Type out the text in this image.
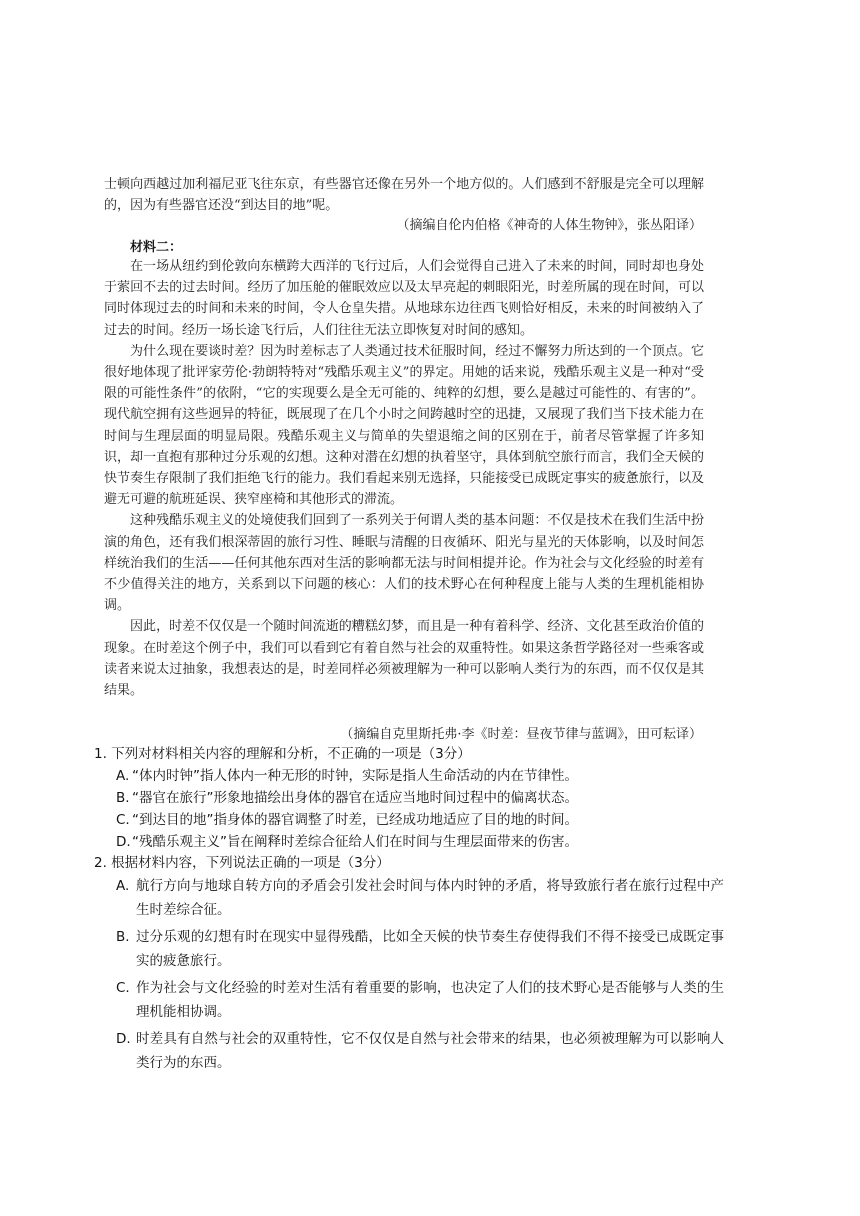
士顿向西越过加利福尼亚飞往东京，有些器官还像在另外一个地方似的。人们感到不舒服是完全可以理解的，因为有些器官还没“到达目的地”呢。

（摘编自伦内伯格《神奇的人体生物钟》，张丛阳译）
材料二：

在一场从纽约到伦敦向东横跨大西洋的飞行过后，人们会觉得自己进入了未来的时间，同时却也身处于萦回不去的过去时间。经历了加压舱的催眠效应以及太早亮起的刺眼阳光，时差所属的现在时间，可以同时体现过去的时间和未来的时间，令人仓皇失措。从地球东边往西飞则恰好相反，未来的时间被纳入了过去的时间。经历一场长途飞行后，人们往往无法立即恢复对时间的感知。

为什么现在要谈时差？因为时差标志了人类通过技术征服时间，经过不懈努力所达到的一个顶点。它很好地体现了批评家劳伦·勃朗特特对“残酷乐观主义”的界定。用她的话来说，残酷乐观主义是一种对“受限的可能性条件”的依附，“它的实现要么是全无可能的、纯粹的幻想，要么是越过可能性的、有害的”。现代航空拥有这些迥异的特征，既展现了在几个小时之间跨越时空的迅捷，又展现了我们当下技术能力在时间与生理层面的明显局限。残酷乐观主义与简单的失望退缩之间的区别在于，前者尽管掌握了许多知识，却一直抱有那种过分乐观的幻想。这种对潜在幻想的执着坚守，具体到航空旅行而言，我们全天候的快节奏生存限制了我们拒绝飞行的能力。我们看起来别无选择，只能接受已成既定事实的疲惫旅行，以及避无可避的航班延误、狭窄座椅和其他形式的滞流。

这种残酷乐观主义的处境使我们回到了一系列关于何谓人类的基本问题：不仅是技术在我们生活中扮演的角色，还有我们根深蒂固的旅行习性、睡眠与清醒的日夜循环、阳光与星光的天体影响，以及时间怎样统治我们的生活——任何其他东西对生活的影响都无法与时间相提并论。作为社会与文化经验的时差有不少值得关注的地方，关系到以下问题的核心：人们的技术野心在何种程度上能与人类的生理机能相协调。

因此，时差不仅仅是一个随时间流逝的糟糕幻梦，而且是一种有着科学、经济、文化甚至政治价值的现象。在时差这个例子中，我们可以看到它有着自然与社会的双重特性。如果这条哲学路径对一些乘客或读者来说太过抽象，我想表达的是，时差同样必须被理解为一种可以影响人类行为的东西，而不仅仅是其结果。

（摘编自克里斯托弗·李《时差：昼夜节律与蓝调》，田可耘译）

1. 下列对材料相关内容的理解和分析，不正确的一项是（3分）

A. “体内时钟”指人体内一种无形的时钟，实际是指人生命活动的内在节律性。
B. “器官在旅行”形象地描绘出身体的器官在适应当地时间过程中的偏离状态。
C. “到达目的地”指身体的器官调整了时差，已经成功地适应了目的地的时间。
D. “残酷乐观主义”旨在阐释时差综合征给人们在时间与生理层面带来的伤害。

2. 根据材料内容，下列说法正确的一项是（3分）

A. 航行方向与地球自转方向的矛盾会引发社会时间与体内时钟的矛盾，将导致旅行者在旅行过程中产生时差综合征。
B. 过分乐观的幻想有时在现实中显得残酷，比如全天候的快节奏生存使得我们不得不接受已成既定事实的疲惫旅行。
C. 作为社会与文化经验的时差对生活有着重要的影响，也决定了人们的技术野心是否能够与人类的生理机能相协调。
D. 时差具有自然与社会的双重特性，它不仅仅是自然与社会带来的结果，也必须被理解为可以影响人类行为的东西。
